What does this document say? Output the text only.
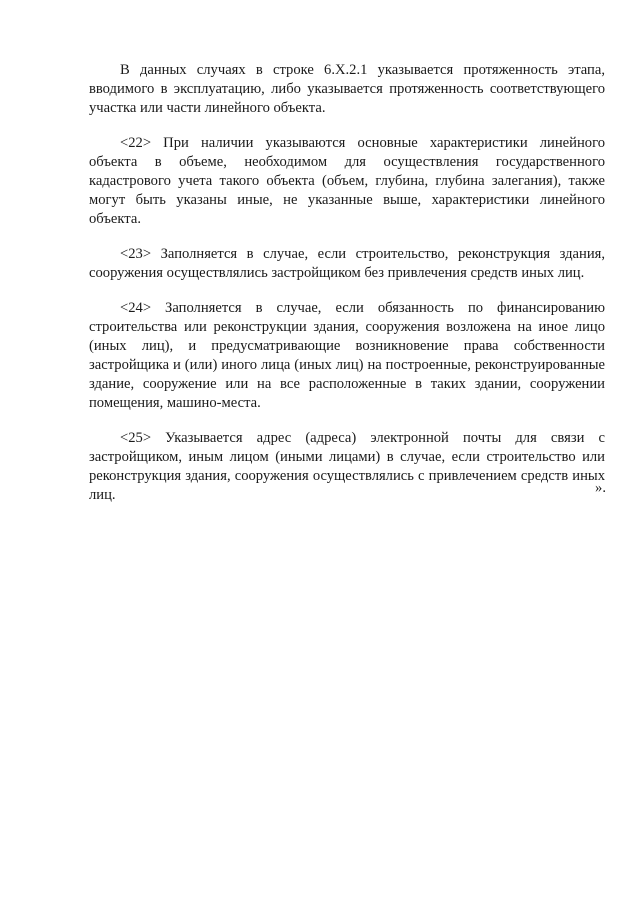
В данных случаях в строке 6.Х.2.1 указывается протяженность этапа, вводимого в эксплуатацию, либо указывается протяженность соответствующего участка или части линейного объекта.

<22> При наличии указываются основные характеристики линейного объекта в объеме, необходимом для осуществления государственного кадастрового учета такого объекта (объем, глубина, глубина залегания), также могут быть указаны иные, не указанные выше, характеристики линейного объекта.

<23> Заполняется в случае, если строительство, реконструкция здания, сооружения осуществлялись застройщиком без привлечения средств иных лиц.

<24> Заполняется в случае, если обязанность по финансированию строительства или реконструкции здания, сооружения возложена на иное лицо (иных лиц), и предусматривающие возникновение права собственности застройщика и (или) иного лица (иных лиц) на построенные, реконструированные здание, сооружение или на все расположенные в таких здании, сооружении помещения, машино-места.

<25> Указывается адрес (адреса) электронной почты для связи с застройщиком, иным лицом (иными лицами) в случае, если строительство или реконструкция здания, сооружения осуществлялись с привлечением средств иных лиц.	».
